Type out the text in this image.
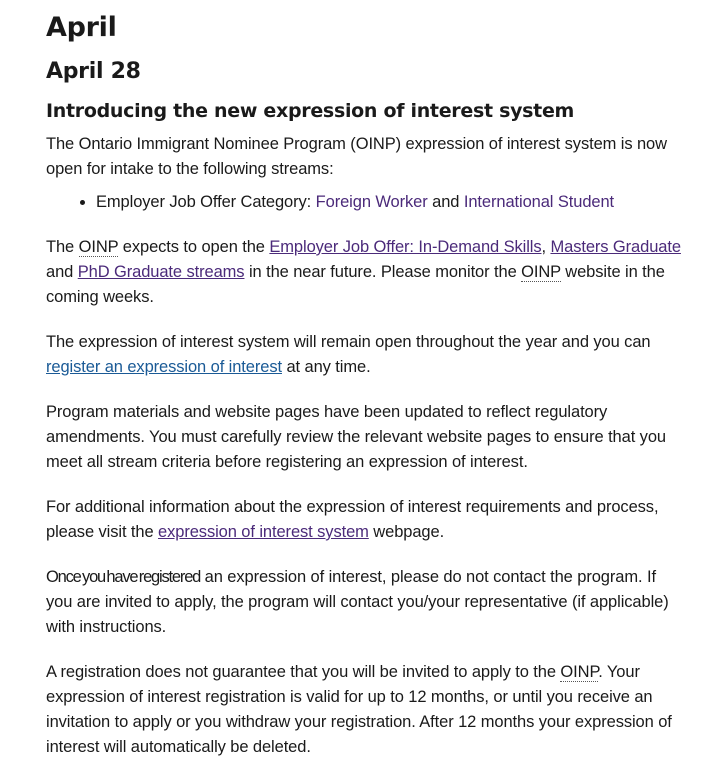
April
April 28
Introducing the new expression of interest system

The Ontario Immigrant Nominee Program (OINP) expression of interest system is now open for intake to the following streams:

• Employer Job Offer Category: Foreign Worker and International Student

The OINP expects to open the Employer Job Offer: In-Demand Skills, Masters Graduate and PhD Graduate streams in the near future. Please monitor the OINP website in the coming weeks.

The expression of interest system will remain open throughout the year and you can register an expression of interest at any time.

Program materials and website pages have been updated to reflect regulatory amendments. You must carefully review the relevant website pages to ensure that you meet all stream criteria before registering an expression of interest.

For additional information about the expression of interest requirements and process, please visit the expression of interest system webpage.

Once you have registered an expression of interest, please do not contact the program. If you are invited to apply, the program will contact you/your representative (if applicable) with instructions.

A registration does not guarantee that you will be invited to apply to the OINP. Your expression of interest registration is valid for up to 12 months, or until you receive an invitation to apply or you withdraw your registration. After 12 months your expression of interest will automatically be deleted.
